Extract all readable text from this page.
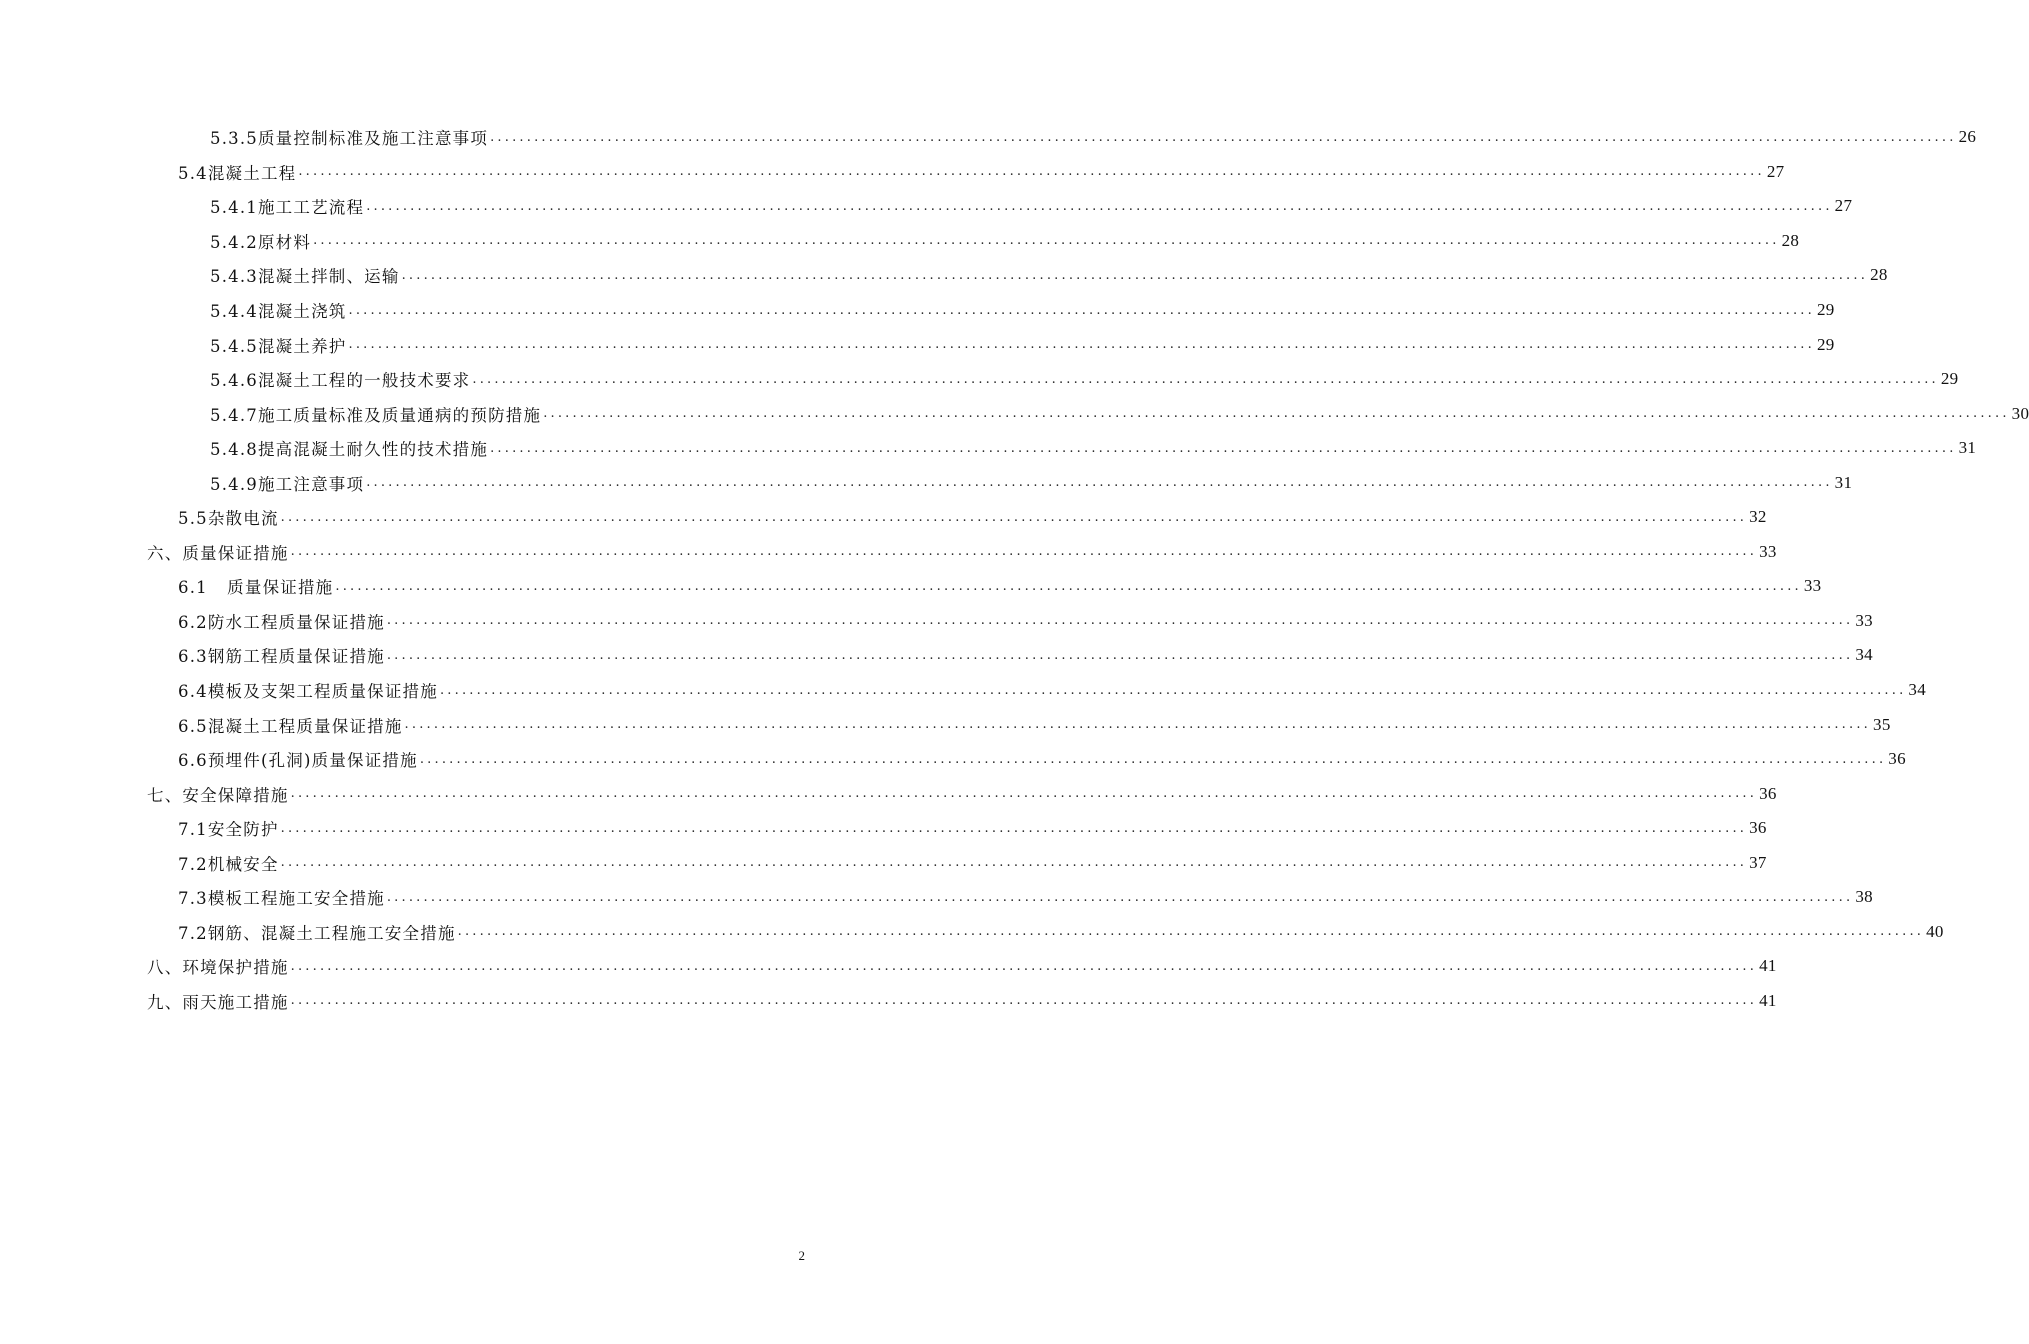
5.3.5质量控制标准及施工注意事项 ........................................................................................................................................................................................................ 26
5.4混凝土工程 ........................................................................................................................................................................................................ 27
5.4.1施工工艺流程 ........................................................................................................................................................................................................ 27
5.4.2原材料 ........................................................................................................................................................................................................ 28
5.4.3混凝土拌制、运输 ........................................................................................................................................................................................................ 28
5.4.4混凝土浇筑 ........................................................................................................................................................................................................ 29
5.4.5混凝土养护 ........................................................................................................................................................................................................ 29
5.4.6混凝土工程的一般技术要求 ........................................................................................................................................................................................................ 29
5.4.7施工质量标准及质量通病的预防措施 ........................................................................................................................................................................................................ 30
5.4.8提高混凝土耐久性的技术措施 ........................................................................................................................................................................................................ 31
5.4.9施工注意事项 ........................................................................................................................................................................................................ 31
5.5杂散电流 ........................................................................................................................................................................................................ 32
六、质量保证措施 ........................................................................................................................................................................................................ 33
6.1   质量保证措施 ........................................................................................................................................................................................................ 33
6.2防水工程质量保证措施 ........................................................................................................................................................................................................ 33
6.3钢筋工程质量保证措施 ........................................................................................................................................................................................................ 34
6.4模板及支架工程质量保证措施 ........................................................................................................................................................................................................ 34
6.5混凝土工程质量保证措施 ........................................................................................................................................................................................................ 35
6.6预埋件(孔洞)质量保证措施 ........................................................................................................................................................................................................ 36
七、安全保障措施 ........................................................................................................................................................................................................ 36
7.1安全防护 ........................................................................................................................................................................................................ 36
7.2机械安全 ........................................................................................................................................................................................................ 37
7.3模板工程施工安全措施 ........................................................................................................................................................................................................ 38
7.2钢筋、混凝土工程施工安全措施 ........................................................................................................................................................................................................ 40
八、环境保护措施 ........................................................................................................................................................................................................ 41
九、雨天施工措施 ........................................................................................................................................................................................................ 41
2
